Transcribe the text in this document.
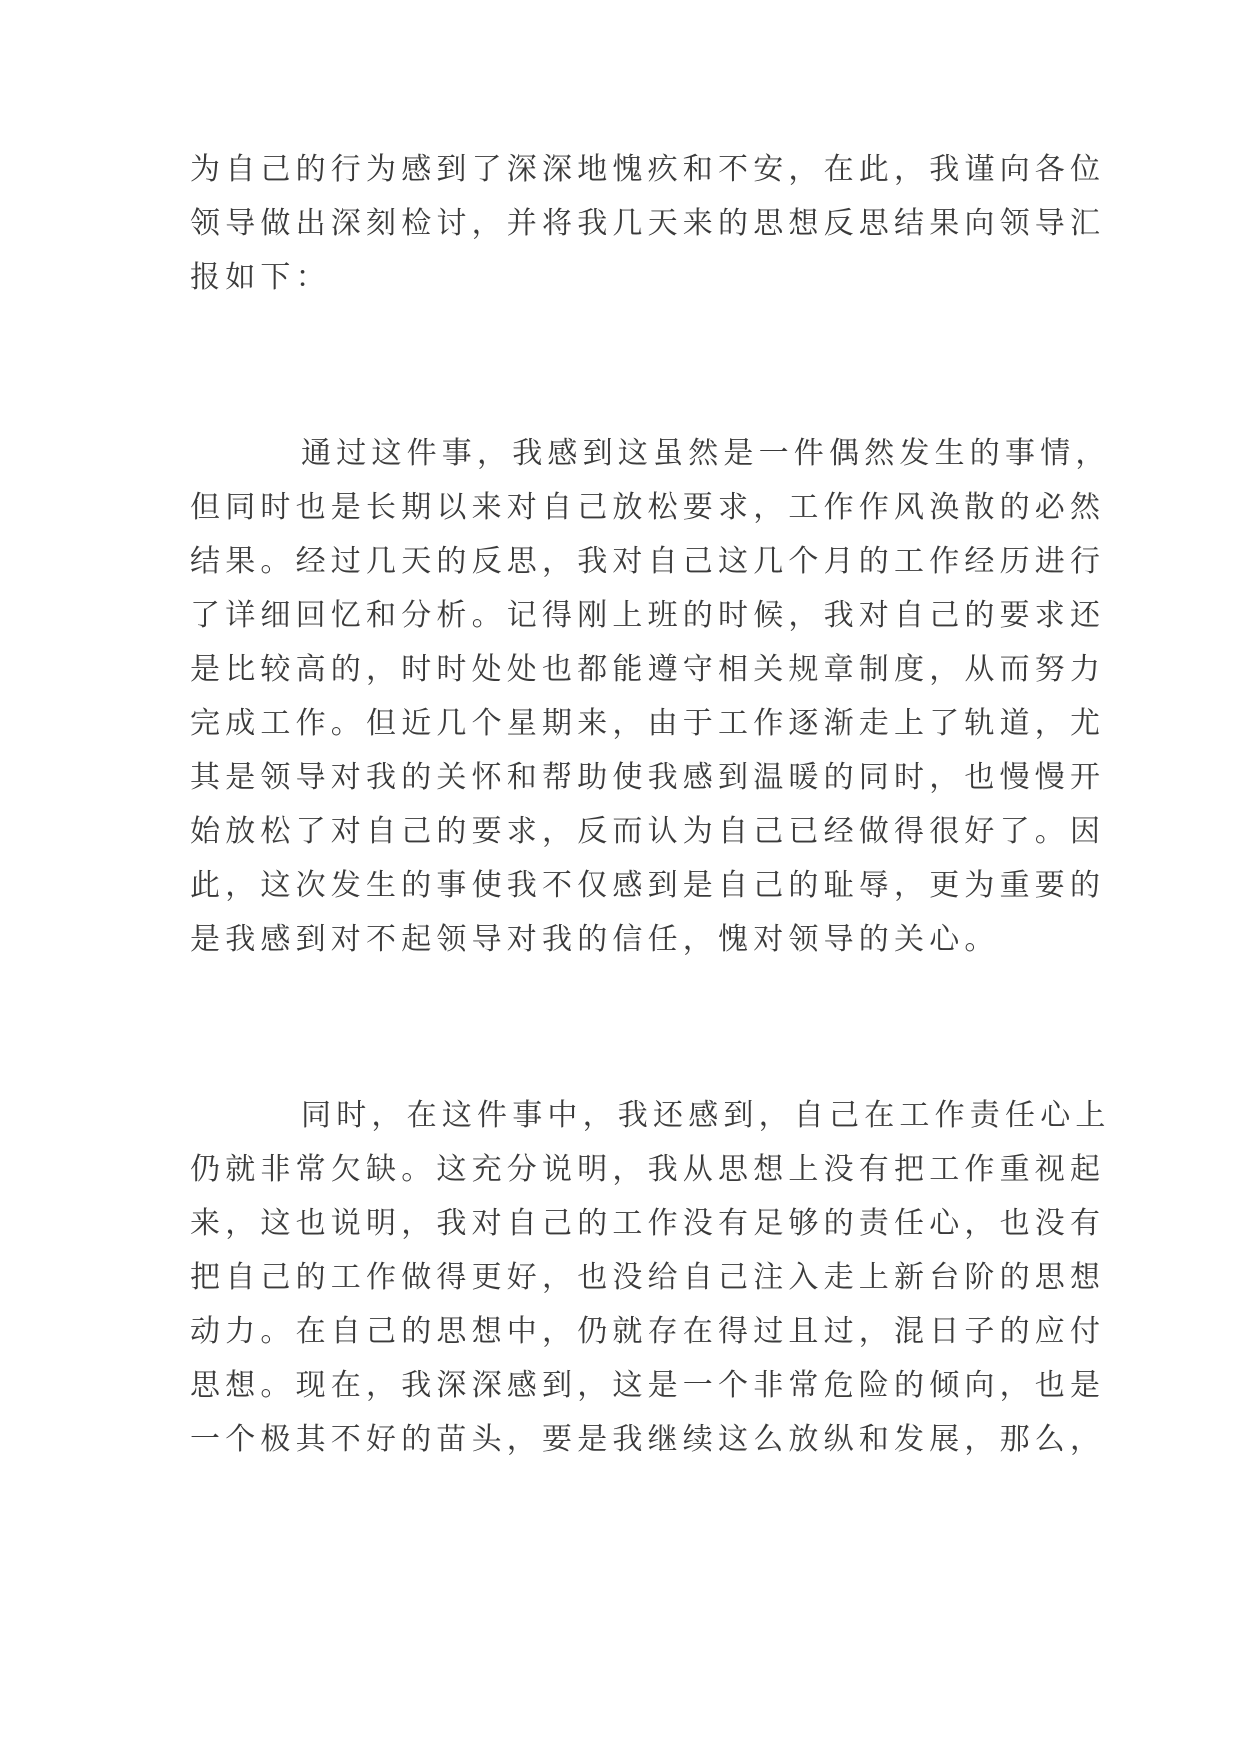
为自己的行为感到了深深地愧疚和不安，在此，我谨向各位

领导做出深刻检讨，并将我几天来的思想反思结果向领导汇

报如下：

通过这件事，我感到这虽然是一件偶然发生的事情，

但同时也是长期以来对自己放松要求，工作作风涣散的必然

结果。经过几天的反思，我对自己这几个月的工作经历进行

了详细回忆和分析。记得刚上班的时候，我对自己的要求还

是比较高的，时时处处也都能遵守相关规章制度，从而努力

完成工作。但近几个星期来，由于工作逐渐走上了轨道，尤

其是领导对我的关怀和帮助使我感到温暖的同时，也慢慢开

始放松了对自己的要求，反而认为自己已经做得很好了。因

此，这次发生的事使我不仅感到是自己的耻辱，更为重要的

是我感到对不起领导对我的信任，愧对领导的关心。

同时，在这件事中，我还感到，自己在工作责任心上

仍就非常欠缺。这充分说明，我从思想上没有把工作重视起

来，这也说明，我对自己的工作没有足够的责任心，也没有

把自己的工作做得更好，也没给自己注入走上新台阶的思想

动力。在自己的思想中，仍就存在得过且过，混日子的应付

思想。现在，我深深感到，这是一个非常危险的倾向，也是

一个极其不好的苗头，要是我继续这么放纵和发展，那么，
